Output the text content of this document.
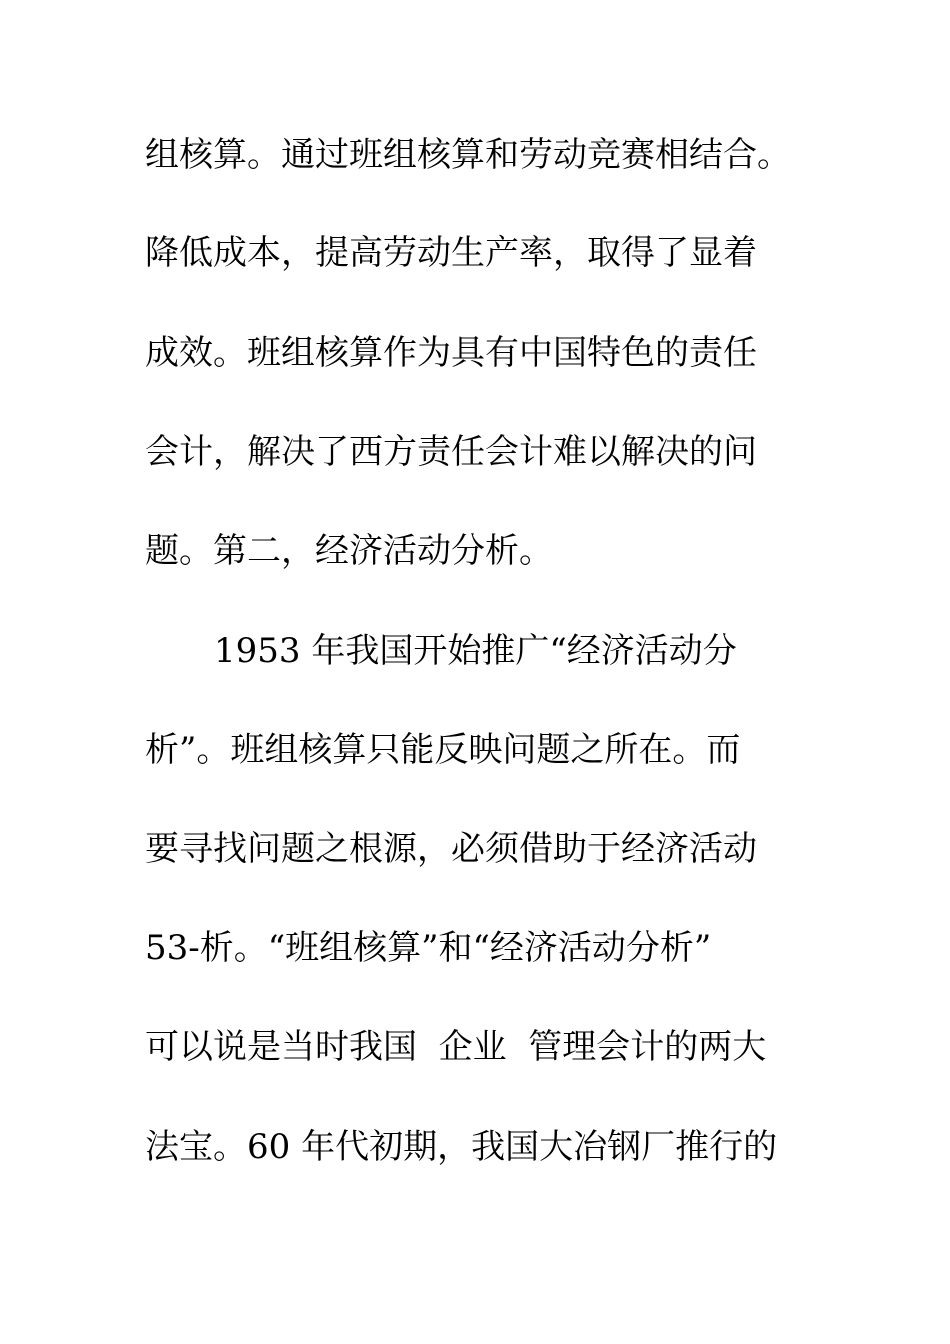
组核算。通过班组核算和劳动竞赛相结合。
降低成本，提高劳动生产率，取得了显着
成效。班组核算作为具有中国特色的责任
会计，解决了西方责任会计难以解决的问
题。第二，经济活动分析。
1953 年我国开始推广“经济活动分
析”。班组核算只能反映问题之所在。而
要寻找问题之根源，必须借助于经济活动
53-析。“班组核算”和“经济活动分析”
可以说是当时我国  企业  管理会计的两大
法宝。60 年代初期，我国大冶钢厂推行的
